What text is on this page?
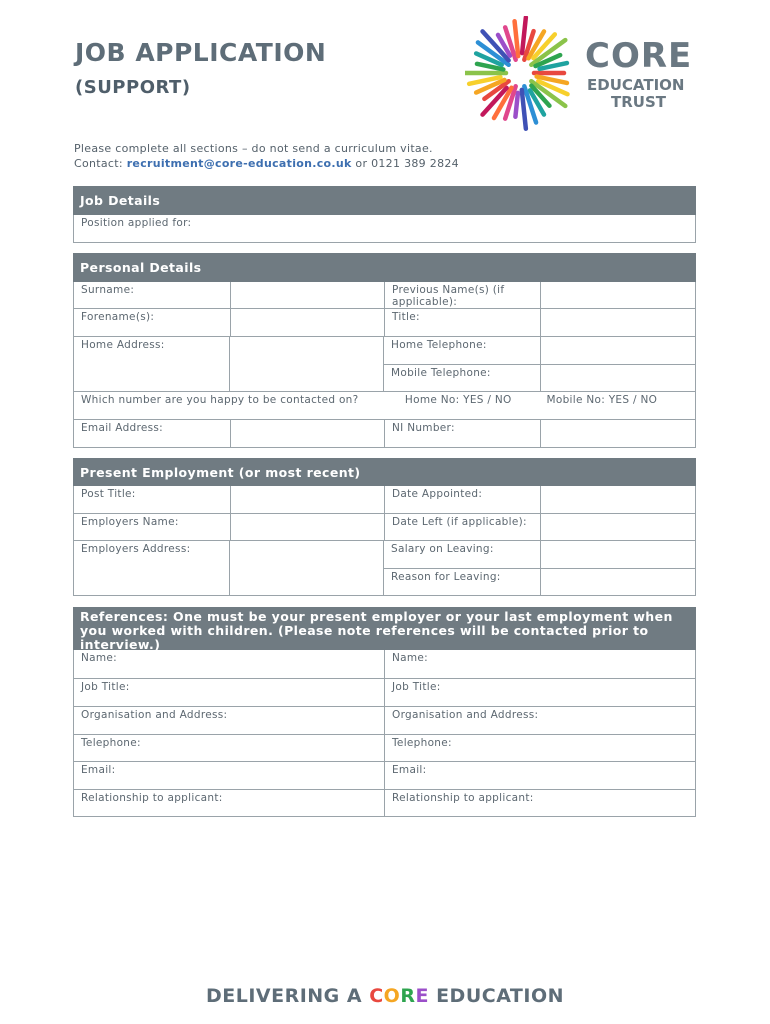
JOB APPLICATION
(SUPPORT)
CORE
EDUCATION
TRUST
Please complete all sections – do not send a curriculum vitae.
Contact: recruitment@core-education.co.uk or 0121 389 2824
Job Details
Position applied for:
Personal Details
Surname:	Previous Name(s) (if applicable):
Forename(s):	Title:
Home Address:	Home Telephone:
Mobile Telephone:
Which number are you happy to be contacted on?	Home No: YES / NO	Mobile No: YES / NO
Email Address:	NI Number:
Present Employment (or most recent)
Post Title:	Date Appointed:
Employers Name:	Date Left (if applicable):
Employers Address:	Salary on Leaving:
Reason for Leaving:
References: One must be your present employer or your last employment when you worked with children. (Please note references will be contacted prior to interview.)
Name:	Name:
Job Title:	Job Title:
Organisation and Address:	Organisation and Address:
Telephone:	Telephone:
Email:	Email:
Relationship to applicant:	Relationship to applicant:
DELIVERING A CORE EDUCATION
